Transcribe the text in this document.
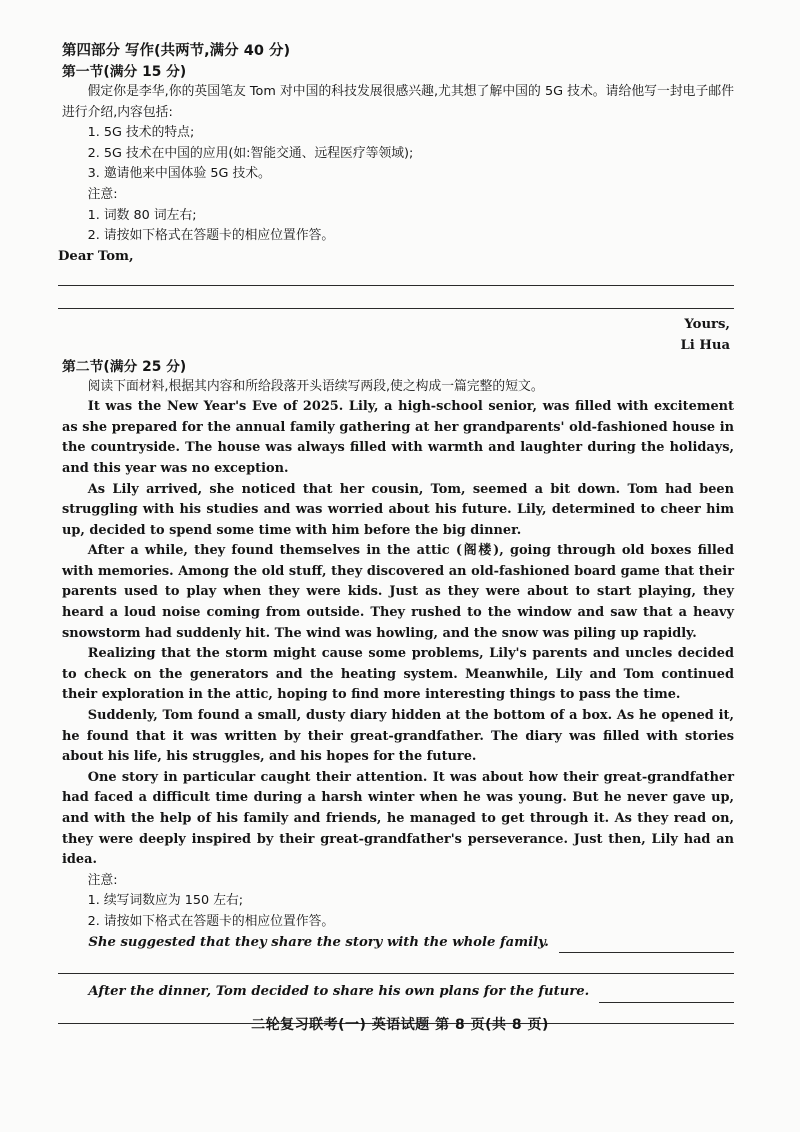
第四部分 写作(共两节,满分 40 分)

第一节(满分 15 分)

假定你是李华,你的英国笔友 Tom 对中国的科技发展很感兴趣,尤其想了解中国的 5G 技术。请给他写一封电子邮件进行介绍,内容包括:

1. 5G 技术的特点;

2. 5G 技术在中国的应用(如:智能交通、远程医疗等领域);

3. 邀请他来中国体验 5G 技术。

注意:

1. 词数 80 词左右;

2. 请按如下格式在答题卡的相应位置作答。

Dear Tom,

Yours,

Li Hua

第二节(满分 25 分)

阅读下面材料,根据其内容和所给段落开头语续写两段,使之构成一篇完整的短文。

It was the New Year's Eve of 2025. Lily, a high-school senior, was filled with excitement as she prepared for the annual family gathering at her grandparents' old-fashioned house in the countryside. The house was always filled with warmth and laughter during the holidays, and this year was no exception.

As Lily arrived, she noticed that her cousin, Tom, seemed a bit down. Tom had been struggling with his studies and was worried about his future. Lily, determined to cheer him up, decided to spend some time with him before the big dinner.

After a while, they found themselves in the attic (阁楼), going through old boxes filled with memories. Among the old stuff, they discovered an old-fashioned board game that their parents used to play when they were kids. Just as they were about to start playing, they heard a loud noise coming from outside. They rushed to the window and saw that a heavy snowstorm had suddenly hit. The wind was howling, and the snow was piling up rapidly.

Realizing that the storm might cause some problems, Lily's parents and uncles decided to check on the generators and the heating system. Meanwhile, Lily and Tom continued their exploration in the attic, hoping to find more interesting things to pass the time.

Suddenly, Tom found a small, dusty diary hidden at the bottom of a box. As he opened it, he found that it was written by their great-grandfather. The diary was filled with stories about his life, his struggles, and his hopes for the future.

One story in particular caught their attention. It was about how their great-grandfather had faced a difficult time during a harsh winter when he was young. But he never gave up, and with the help of his family and friends, he managed to get through it. As they read on, they were deeply inspired by their great-grandfather's perseverance. Just then, Lily had an idea.

注意:

1. 续写词数应为 150 左右;

2. 请按如下格式在答题卡的相应位置作答。

She suggested that they share the story with the whole family.

After the dinner, Tom decided to share his own plans for the future.

二轮复习联考(一) 英语试题 第 8 页(共 8 页)
